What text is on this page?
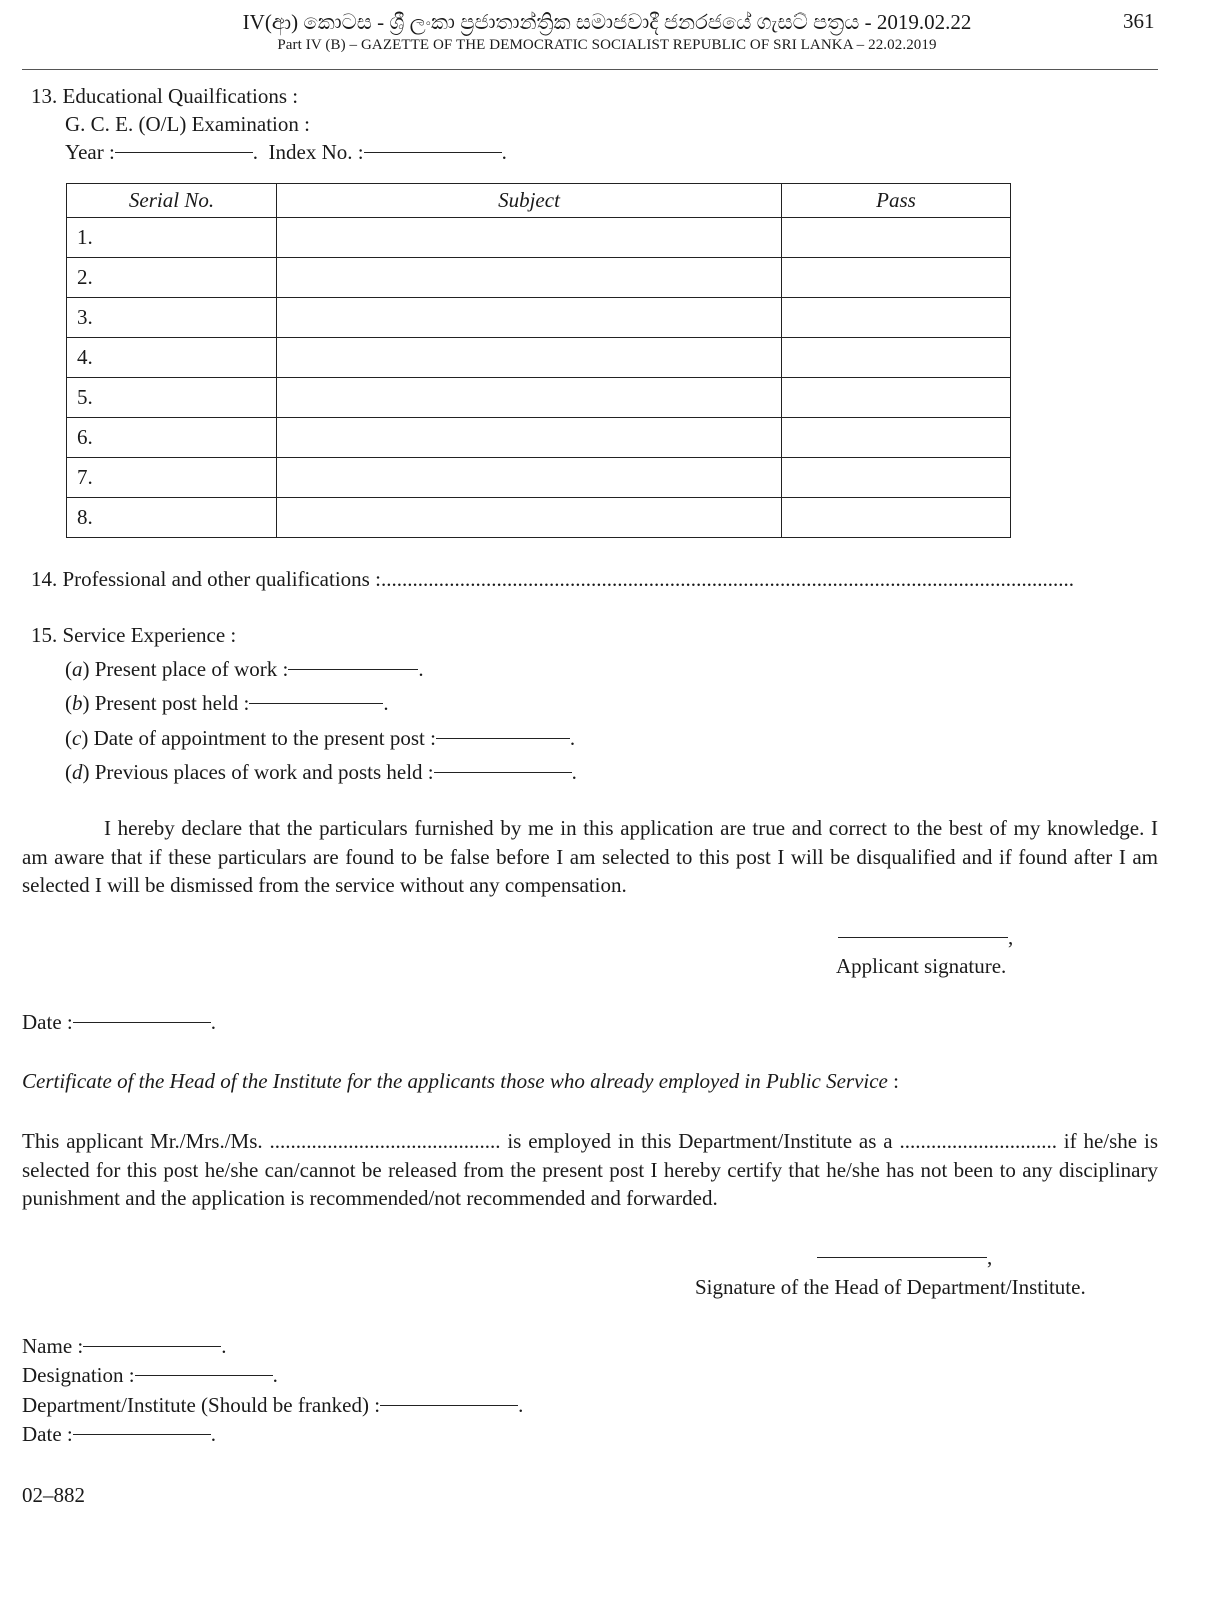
IV(ආ) කොටස - ශ්‍රී ලංකා ප්‍රජාතාන්ත්‍රික සමාජවාදී ජනරජයේ ගැසට් පත්‍රය - 2019.02.22
Part IV (B) – GAZETTE OF THE DEMOCRATIC SOCIALIST REPUBLIC OF SRI LANKA – 22.02.2019
361
13. Educational Quailfications :
G. C. E. (O/L) Examination :
Year :	.  Index No. :	.
Serial No.	Subject	Pass
1.		
2.		
3.		
4.		
5.		
6.		
7.		
8.		
14. Professional and other qualifications :....................................................................................................................................
15. Service Experience :
(a) Present place of work :	.
(b) Present post held :	.
(c) Date of appointment to the present post :	.
(d) Previous places of work and posts held :	.
I hereby declare that the particulars furnished by me in this application are true and correct to the best of my knowledge. I am aware that if these particulars are found to be false before I am selected to this post I will be disqualified and if found after I am selected I will be dismissed from the service without any compensation.
,
Applicant signature.
Date :	.
Certificate of the Head of the Institute for the applicants those who already employed in Public Service :
This applicant Mr./Mrs./Ms. ............................................ is employed in this Department/Institute as a .............................. if he/she is selected for this post he/she can/cannot be released from the present post I hereby certify that he/she has not been to any disciplinary punishment and the application is recommended/not recommended and forwarded.
,
Signature of the Head of Department/Institute.
Name :	.
Designation :	.
Department/Institute (Should be franked) :	.
Date :	.
02–882
